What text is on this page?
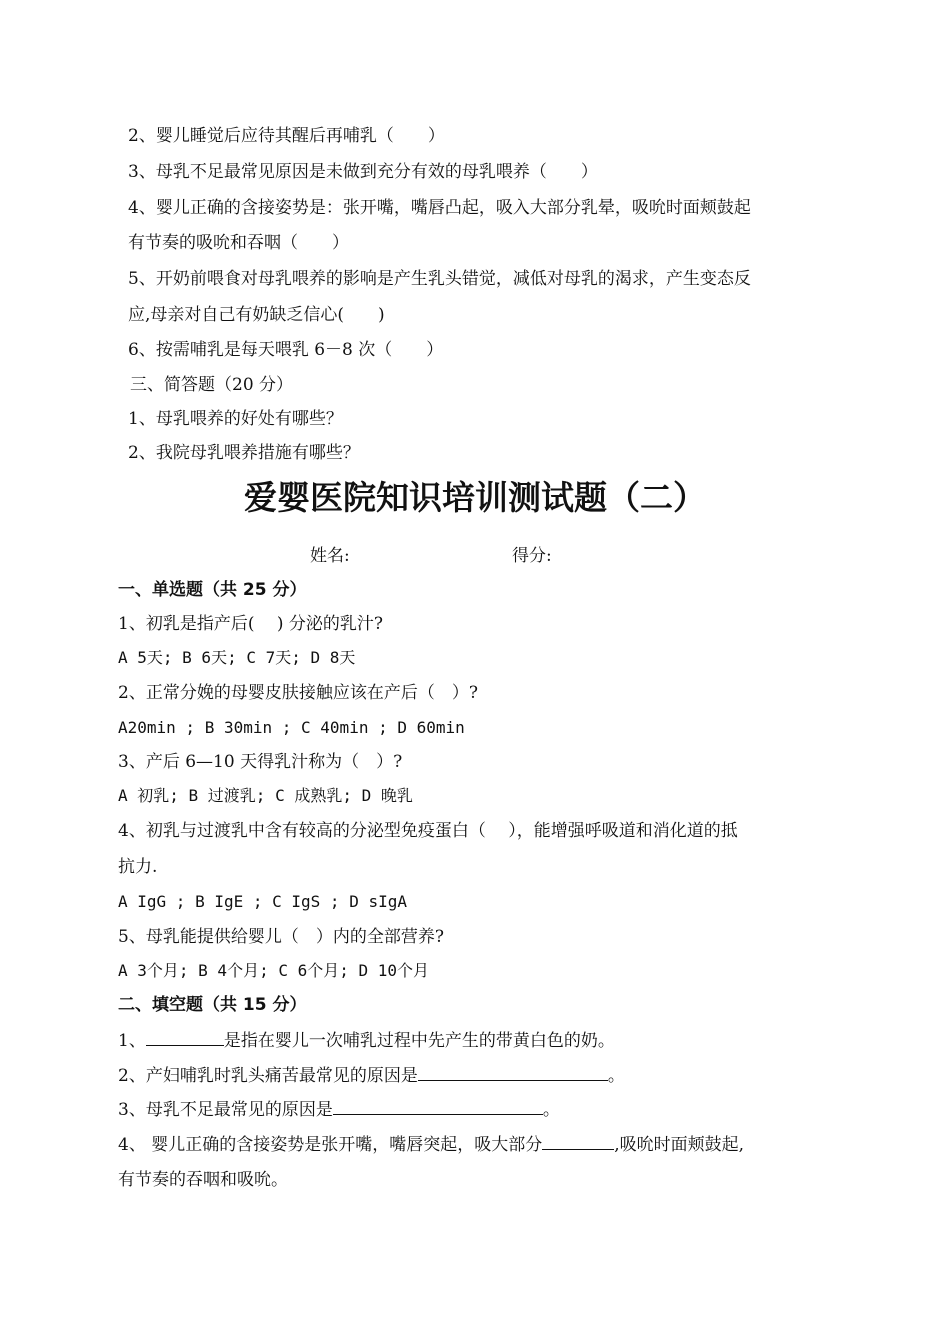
2、婴儿睡觉后应待其醒后再哺乳（　　）
3、母乳不足最常见原因是未做到充分有效的母乳喂养（　　）
4、婴儿正确的含接姿势是：张开嘴，嘴唇凸起，吸入大部分乳晕，吸吮时面颊鼓起
有节奏的吸吮和吞咽（　　）
5、开奶前喂食对母乳喂养的影响是产生乳头错觉，减低对母乳的渴求，产生变态反
应,母亲对自己有奶缺乏信心(　　)
6、按需哺乳是每天喂乳 6－8 次（　　）
三、简答题（20 分）
1、母乳喂养的好处有哪些？
2、我院母乳喂养措施有哪些？
爱婴医院知识培训测试题（二）
姓名:	得分:
一、单选题（共 25 分）
1、初乳是指产后(　 ) 分泌的乳汁?
A 5天; B 6天; C 7天; D 8天
2、正常分娩的母婴皮肤接触应该在产后（　）?
A20min ; B 30min ; C 40min ; D 60min
3、产后 6—10 天得乳汁称为（　）?
A 初乳; B 过渡乳; C 成熟乳; D 晚乳
4、初乳与过渡乳中含有较高的分泌型免疫蛋白（　 ），能增强呼吸道和消化道的抵
抗力.
A IgG ; B IgE ; C IgS ; D sIgA
5、母乳能提供给婴儿（　）内的全部营养?
A 3个月; B 4个月; C 6个月; D 10个月
二、填空题（共 15 分）
1、	是指在婴儿一次哺乳过程中先产生的带黄白色的奶。
2、产妇哺乳时乳头痛苦最常见的原因是	。
3、母乳不足最常见的原因是	。
4、 婴儿正确的含接姿势是张开嘴，嘴唇突起，吸大部分	,吸吮时面颊鼓起,
有节奏的吞咽和吸吮。
